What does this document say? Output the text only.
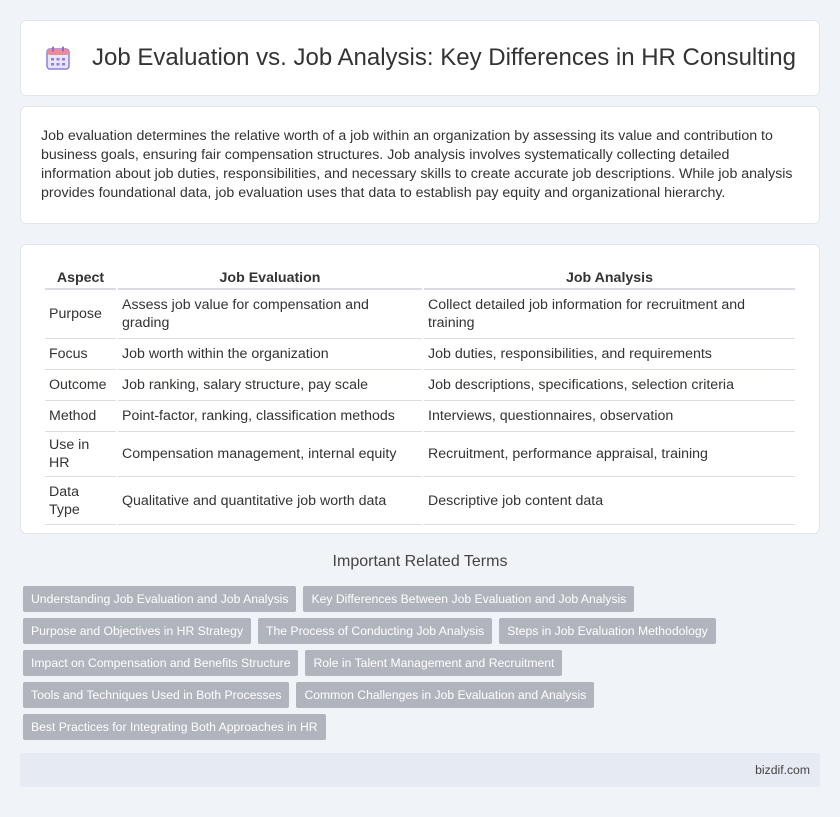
Job Evaluation vs. Job Analysis: Key Differences in HR Consulting

Job evaluation determines the relative worth of a job within an organization by assessing its value and contribution to business goals, ensuring fair compensation structures. Job analysis involves systematically collecting detailed information about job duties, responsibilities, and necessary skills to create accurate job descriptions. While job analysis provides foundational data, job evaluation uses that data to establish pay equity and organizational hierarchy.

Aspect	Job Evaluation	Job Analysis
Purpose	Assess job value for compensation and grading	Collect detailed job information for recruitment and training
Focus	Job worth within the organization	Job duties, responsibilities, and requirements
Outcome	Job ranking, salary structure, pay scale	Job descriptions, specifications, selection criteria
Method	Point-factor, ranking, classification methods	Interviews, questionnaires, observation
Use in HR	Compensation management, internal equity	Recruitment, performance appraisal, training
Data Type	Qualitative and quantitative job worth data	Descriptive job content data
Important Related Terms
Understanding Job Evaluation and Job Analysis	Key Differences Between Job Evaluation and Job Analysis
Purpose and Objectives in HR Strategy	The Process of Conducting Job Analysis	Steps in Job Evaluation Methodology
Impact on Compensation and Benefits Structure	Role in Talent Management and Recruitment
Tools and Techniques Used in Both Processes	Common Challenges in Job Evaluation and Analysis
Best Practices for Integrating Both Approaches in HR
bizdif.com
